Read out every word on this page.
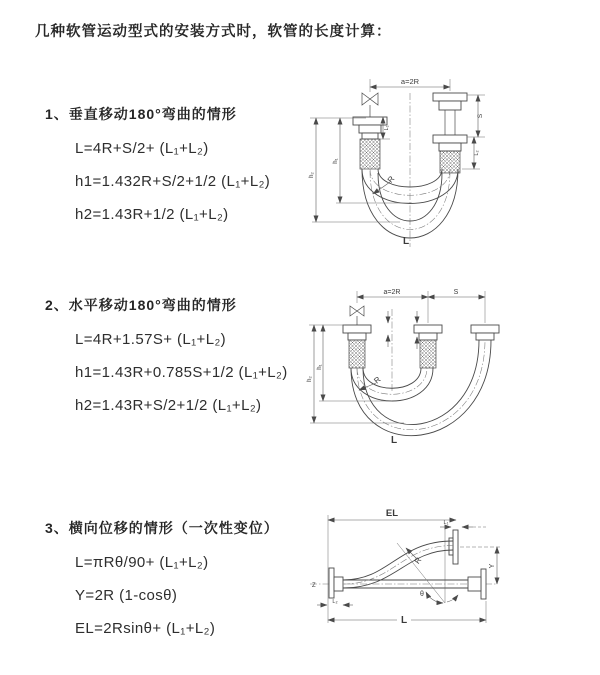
几种软管运动型式的安装方式时，软管的长度计算：
1、垂直移动180°弯曲的情形
L=4R+S/2+ (L₁+L₂)
h1=1.432R+S/2+1/2 (L₁+L₂)
h2=1.43R+1/2 (L₁+L₂)
2、水平移动180°弯曲的情形
L=4R+1.57S+ (L₁+L₂)
h1=1.43R+0.785S+1/2 (L₁+L₂)
h2=1.43R+S/2+1/2 (L₁+L₂)
3、横向位移的情形（一次性变位）
L=πRθ/90+ (L₁+L₂)
Y=2R (1-cosθ)
EL=2Rsinθ+ (L₁+L₂)
a=2R
h₂
h₁
L₁
S
L₂
R
L
a=2R	S
h₂
h₁
R
L
EL
L₁
Z
θ
R
Y
L₂
L
